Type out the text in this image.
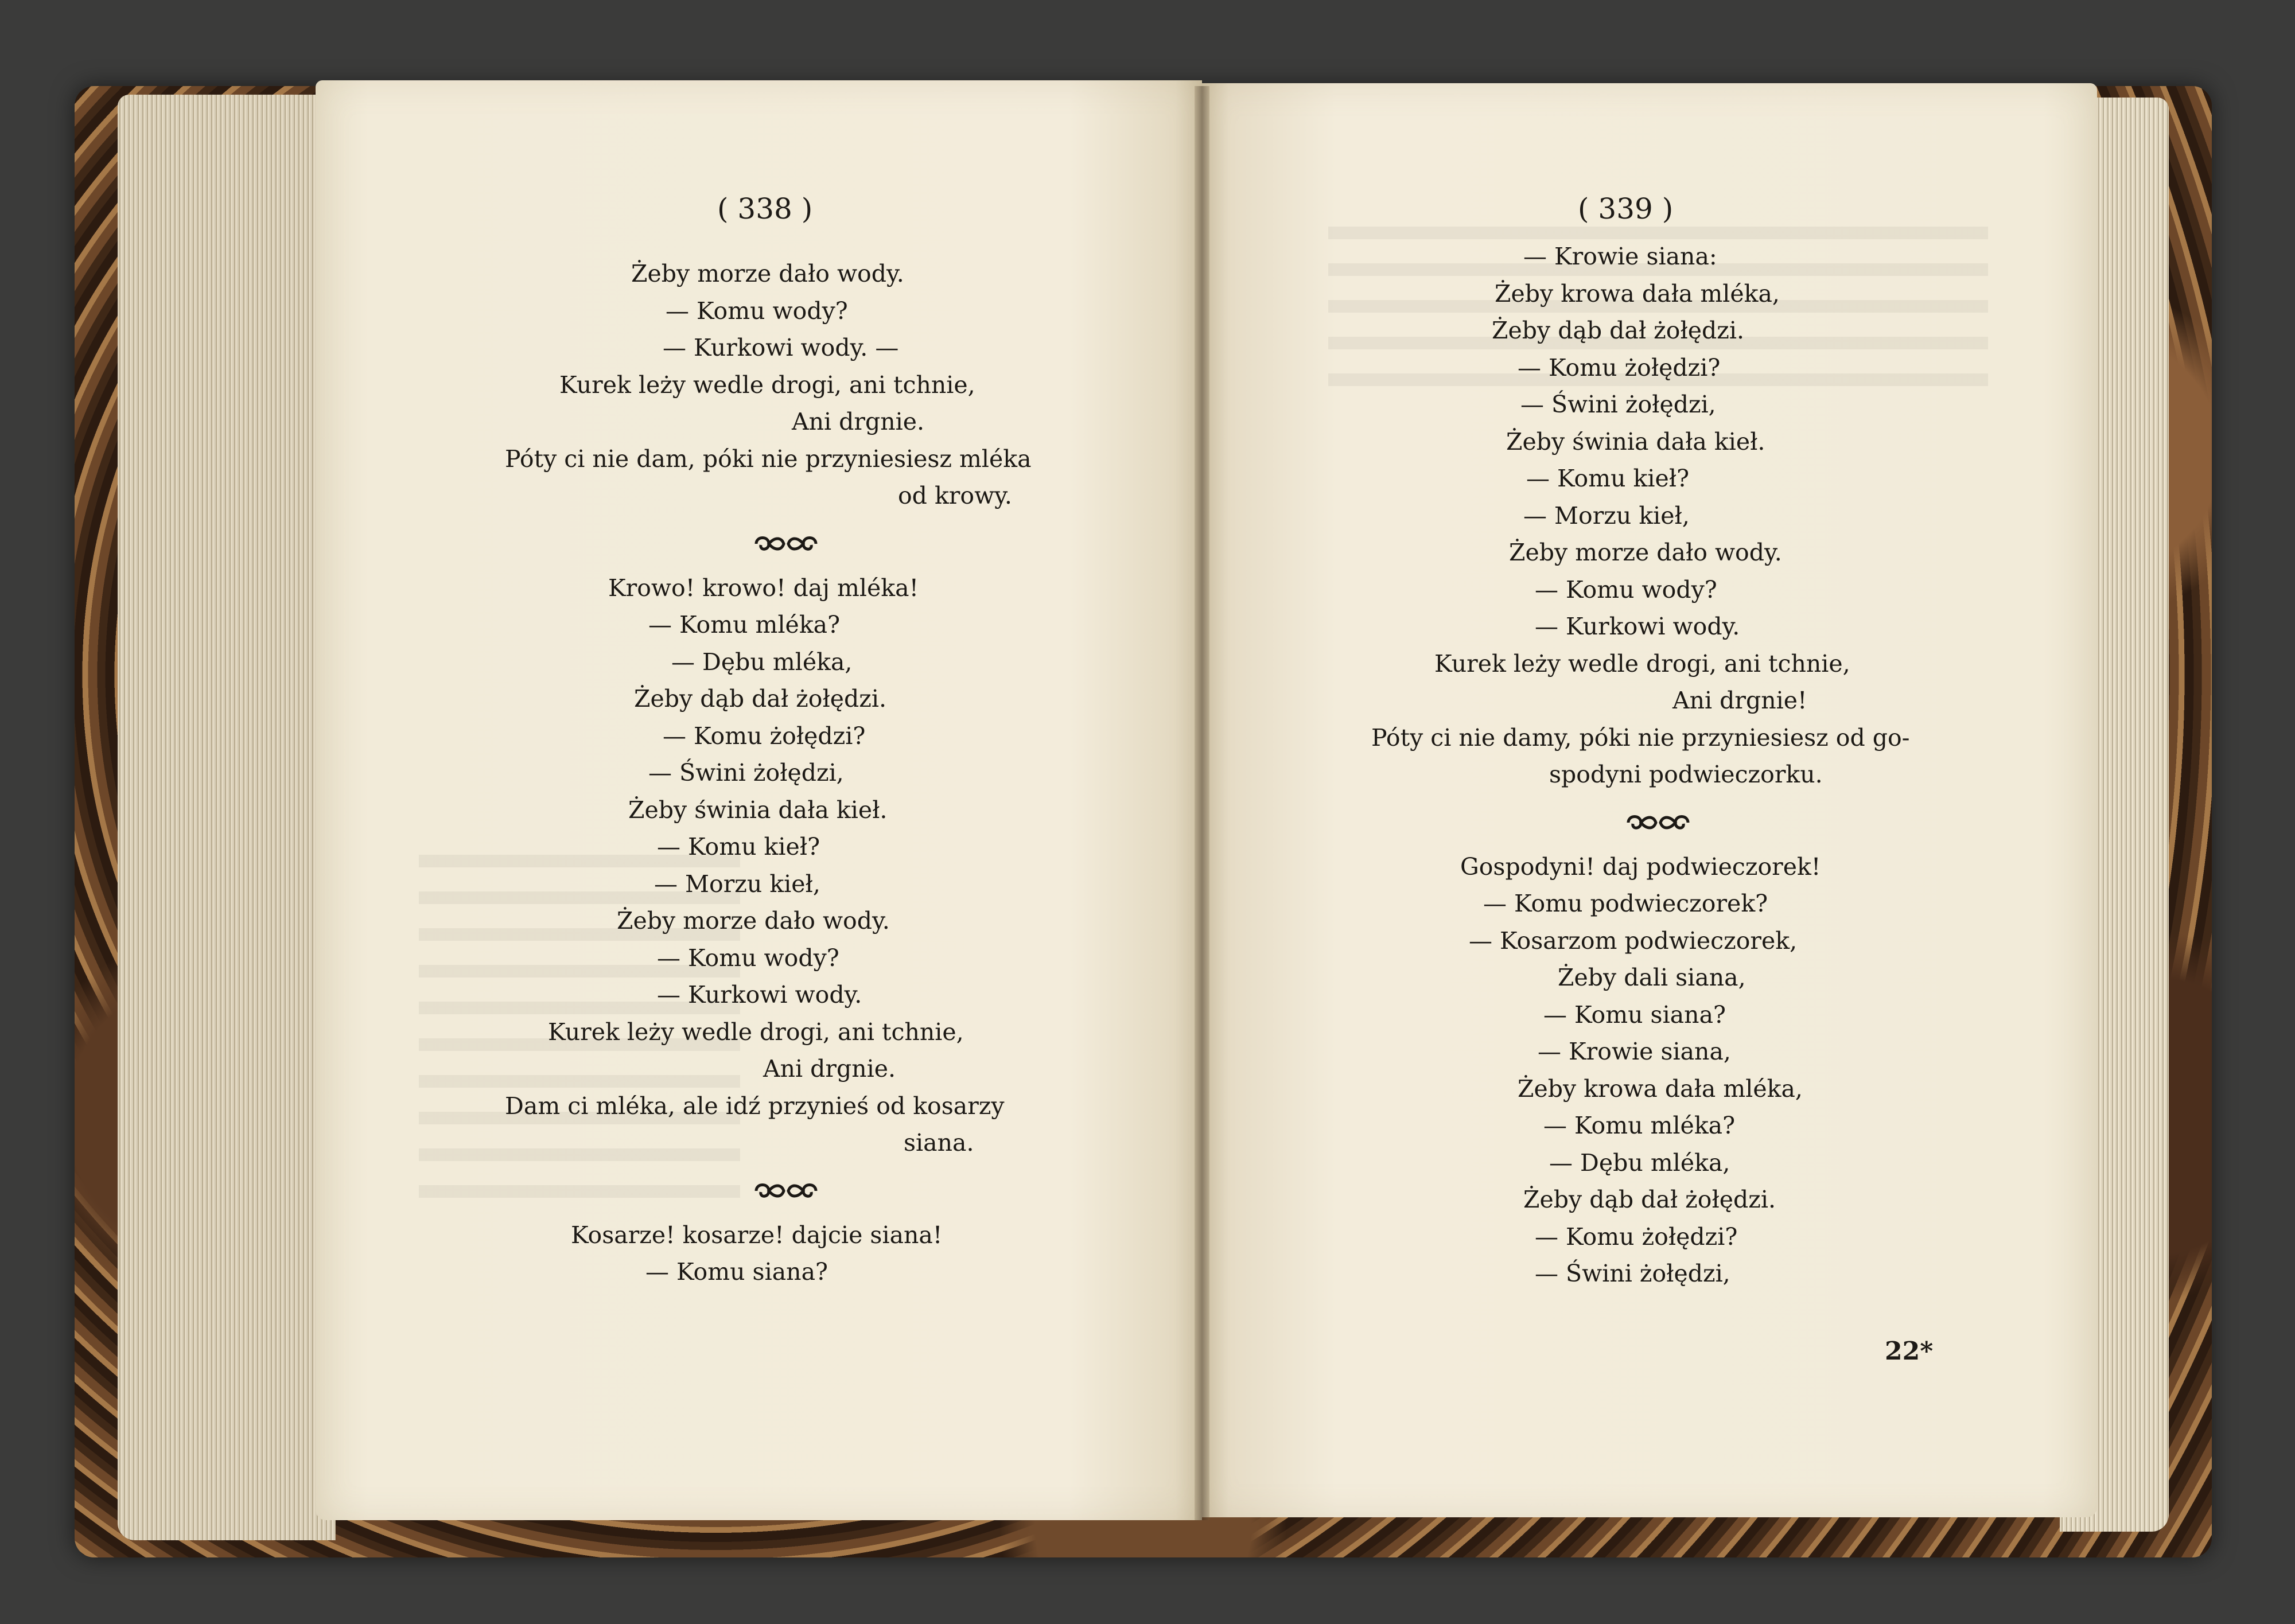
( 338 )	( 339 )
Żeby morze dało wody.
— Komu wody?
— Kurkowi wody. —
Kurek leży wedle drogi, ani tchnie,
Ani drgnie.
Póty ci nie dam, póki nie przyniesiesz mléka
od krowy.
Krowo! krowo! daj mléka!
— Komu mléka?
— Dębu mléka,
Żeby dąb dał żołędzi.
— Komu żołędzi?
— Świni żołędzi,
Żeby świnia dała kieł.
— Komu kieł?
— Morzu kieł,
Żeby morze dało wody.
— Komu wody?
— Kurkowi wody.
Kurek leży wedle drogi, ani tchnie,
Ani drgnie.
Dam ci mléka, ale idź przynieś od kosarzy
siana.
Kosarze! kosarze! dajcie siana!
— Komu siana?
— Krowie siana:
Żeby krowa dała mléka,
Żeby dąb dał żołędzi.
— Komu żołędzi?
— Świni żołędzi,
Żeby świnia dała kieł.
— Komu kieł?
— Morzu kieł,
Żeby morze dało wody.
— Komu wody?
— Kurkowi wody.
Kurek leży wedle drogi, ani tchnie,
Ani drgnie!
Póty ci nie damy, póki nie przyniesiesz od go-
spodyni podwieczorku.
Gospodyni! daj podwieczorek!
— Komu podwieczorek?
— Kosarzom podwieczorek,
Żeby dali siana,
— Komu siana?
— Krowie siana,
Żeby krowa dała mléka,
— Komu mléka?
— Dębu mléka,
Żeby dąb dał żołędzi.
— Komu żołędzi?
— Świni żołędzi,
22*
